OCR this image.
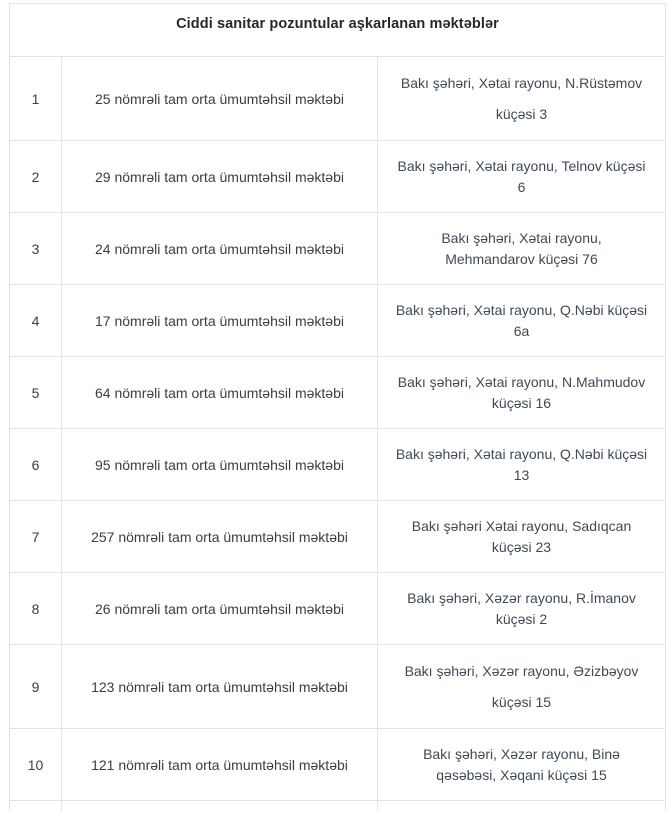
Ciddi sanitar pozuntular aşkarlanan məktəblər		
1	25 nömrəli tam orta ümumtəhsil məktəbi	Bakı şəhəri, Xətai rayonu, N.Rüstəmov

küçəsi 3

2	29 nömrəli tam orta ümumtəhsil məktəbi	Bakı şəhəri, Xətai rayonu, Telnov küçəsi

6

3	24 nömrəli tam orta ümumtəhsil məktəbi	Bakı şəhəri, Xətai rayonu,

Mehmandarov küçəsi 76

4	17 nömrəli tam orta ümumtəhsil məktəbi	Bakı şəhəri, Xətai rayonu, Q.Nəbi küçəsi

6a

5	64 nömrəli tam orta ümumtəhsil məktəbi	Bakı şəhəri, Xətai rayonu, N.Mahmudov

küçəsi 16

6	95 nömrəli tam orta ümumtəhsil məktəbi	Bakı şəhəri, Xətai rayonu, Q.Nəbi küçəsi

13

7	257 nömrəli tam orta ümumtəhsil məktəbi	Bakı şəhəri Xətai rayonu, Sadıqcan

küçəsi 23

8	26 nömrəli tam orta ümumtəhsil məktəbi	Bakı şəhəri, Xəzər rayonu, R.İmanov

küçəsi 2

9	123 nömrəli tam orta ümumtəhsil məktəbi	Bakı şəhəri, Xəzər rayonu, Əzizbəyov

küçəsi 15

10	121 nömrəli tam orta ümumtəhsil məktəbi	Bakı şəhəri, Xəzər rayonu, Binə

qəsəbəsi, Xəqani küçəsi 15
